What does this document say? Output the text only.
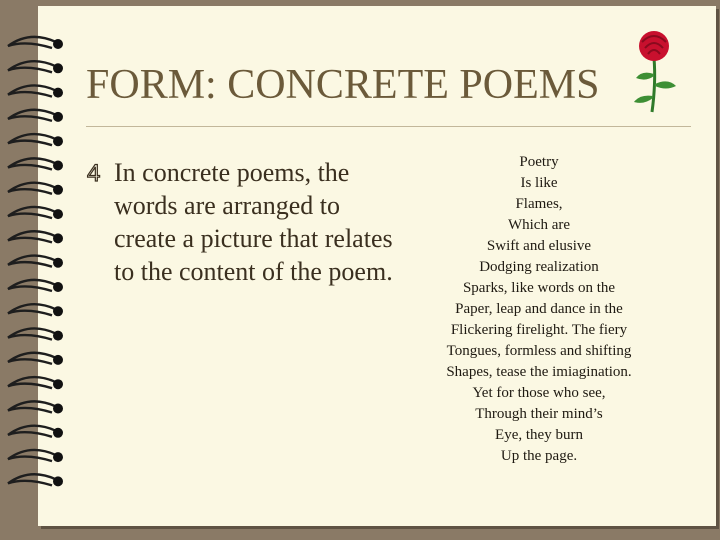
FORM: CONCRETE POEMS
4 In concrete poems, the words are arranged to create a picture that relates to the content of the poem.
Poetry
Is like
Flames,
Which are
Swift and elusive
Dodging realization
Sparks, like words on the
Paper, leap and dance in the
Flickering firelight. The fiery
Tongues, formless and shifting
Shapes, tease the imiagination.
Yet for those who see,
Through their mind’s
Eye, they burn
Up the page.
